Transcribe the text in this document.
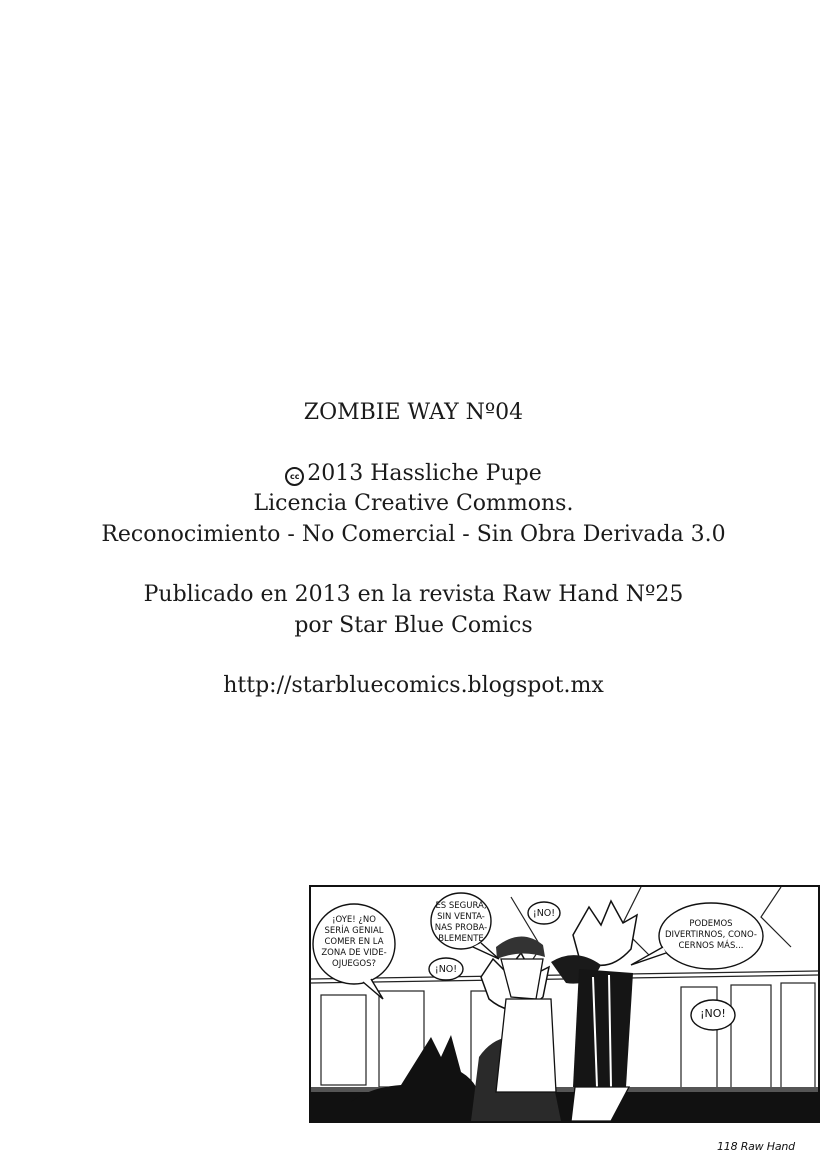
ZOMBIE WAY Nº04

cc 2013 Hassliche Pupe

Licencia Creative Commons.

Reconocimiento - No Comercial - Sin Obra Derivada 3.0

Publicado en 2013 en la revista Raw Hand Nº25

por Star Blue Comics

http://starbluecomics.blogspot.mx

¡OYE! ¿NO
SERÍA GENIAL
COMER EN LA
ZONA DE VIDE-
OJUEGOS?
ES SEGURA,
SIN VENTA-
NAS PROBA-
BLEMENTE
¡NO!
¡NO!
PODEMOS
DIVERTIRNOS, CONO-
CERNOS MÁS...
¡NO!
118 Raw Hand
